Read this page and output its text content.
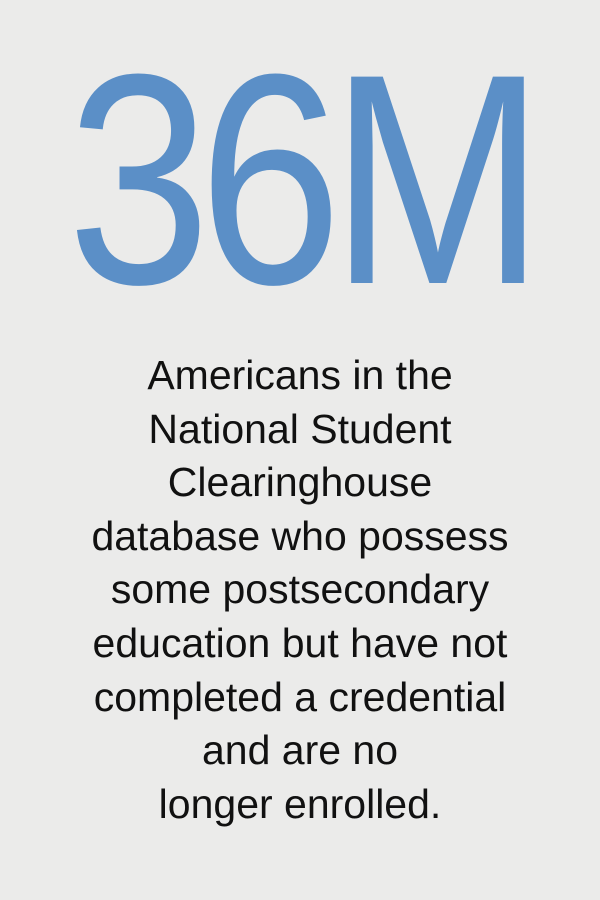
36M

Americans in the
National Student
Clearinghouse
database who possess
some postsecondary
education but have not
completed a credential
and are no
longer enrolled.
